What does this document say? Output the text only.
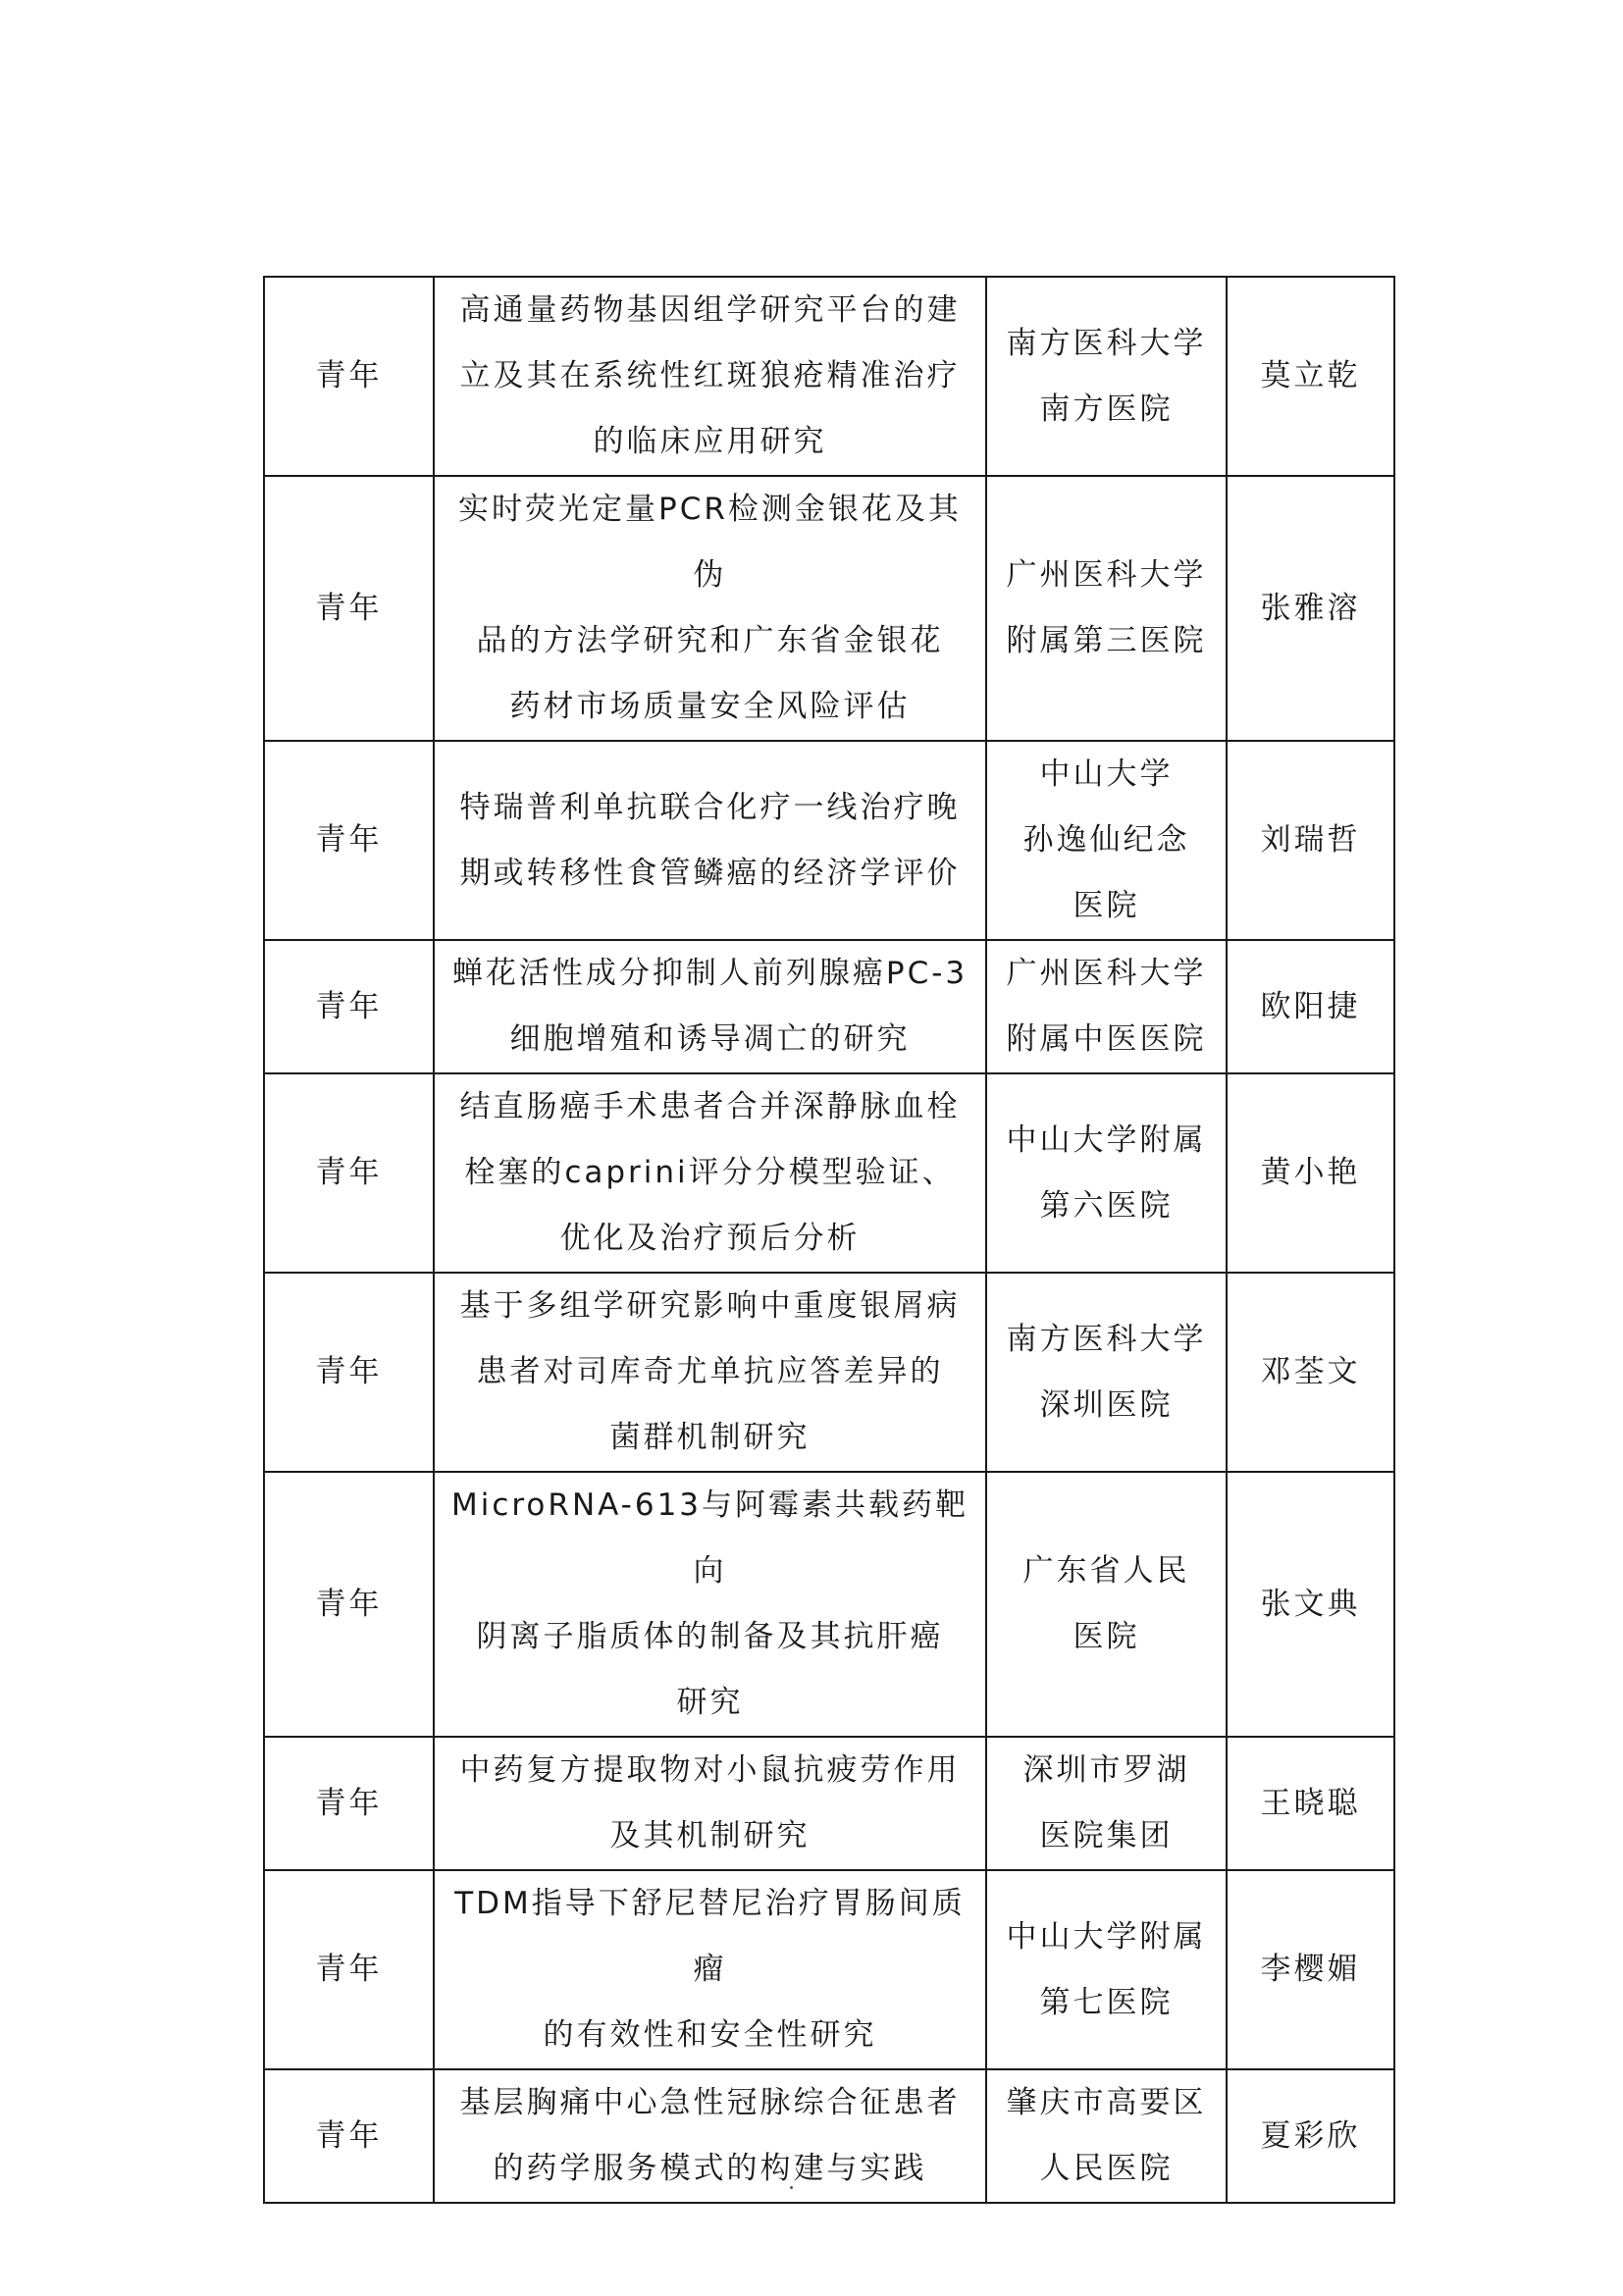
青年	高通量药物基因组学研究平台的建
立及其在系统性红斑狼疮精准治疗
的临床应用研究	南方医科大学
南方医院	莫立乾
青年	实时荧光定量PCR检测金银花及其伪
品的方法学研究和广东省金银花
药材市场质量安全风险评估	广州医科大学
附属第三医院	张雅溶
青年	特瑞普利单抗联合化疗一线治疗晚
期或转移性食管鳞癌的经济学评价	中山大学
孙逸仙纪念
医院	刘瑞哲
青年	蝉花活性成分抑制人前列腺癌PC-3
细胞增殖和诱导凋亡的研究	广州医科大学
附属中医医院	欧阳捷
青年	结直肠癌手术患者合并深静脉血栓
栓塞的caprini评分分模型验证、
优化及治疗预后分析	中山大学附属
第六医院	黄小艳
青年	基于多组学研究影响中重度银屑病
患者对司库奇尤单抗应答差异的
菌群机制研究	南方医科大学
深圳医院	邓荃文
青年	MicroRNA-613与阿霉素共载药靶向
阴离子脂质体的制备及其抗肝癌
研究	广东省人民
医院	张文典
青年	中药复方提取物对小鼠抗疲劳作用
及其机制研究	深圳市罗湖
医院集团	王晓聪
青年	TDM指导下舒尼替尼治疗胃肠间质瘤
的有效性和安全性研究	中山大学附属
第七医院	李樱媚
青年	基层胸痛中心急性冠脉综合征患者
的药学服务模式的构建与实践	肇庆市高要区
人民医院	夏彩欣
